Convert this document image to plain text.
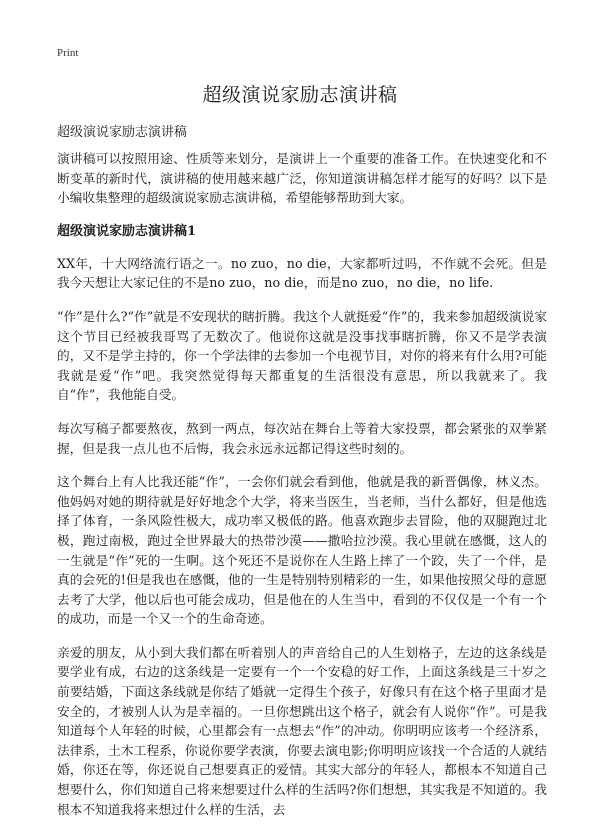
Print
超级演说家励志演讲稿

超级演说家励志演讲稿

演讲稿可以按照用途、性质等来划分，是演讲上一个重要的准备工作。在快速变化和不断变革的新时代，演讲稿的使用越来越广泛，你知道演讲稿怎样才能写的好吗？以下是小编收集整理的超级演说家励志演讲稿，希望能够帮助到大家。

超级演说家励志演讲稿1

XX年，十大网络流行语之一。no zuo，no die，大家都听过吗，不作就不会死。但是我今天想让大家记住的不是no zuo，no die，而是no zuo，no die，no life.

“作”是什么?“作”就是不安现状的瞎折腾。我这个人就挺爱“作”的，我来参加超级演说家这个节目已经被我哥骂了无数次了。他说你这就是没事找事瞎折腾，你又不是学表演的，又不是学主持的，你一个学法律的去参加一个电视节目，对你的将来有什么用?可能我就是爱“作”吧。我突然觉得每天都重复的生活很没有意思，所以我就来了。我自“作”，我他能自受。

每次写稿子都要熬夜，熬到一两点，每次站在舞台上等着大家投票，都会紧张的双拳紧握，但是我一点儿也不后悔，我会永远永远都记得这些时刻的。

这个舞台上有人比我还能“作”，一会你们就会看到他，他就是我的新晋偶像，林义杰。他妈妈对她的期待就是好好地念个大学，将来当医生，当老师，当什么都好，但是他选择了体育，一条风险性极大，成功率又极低的路。他喜欢跑步去冒险，他的双腿跑过北极，跑过南极，跑过全世界最大的热带沙漠——撒哈拉沙漠。我心里就在感慨，这人的一生就是“作”死的一生啊。这个死还不是说你在人生路上摔了一个跤，失了一个伴，是真的会死的!但是我也在感慨，他的一生是特别特别精彩的一生，如果他按照父母的意愿去考了大学，他以后也可能会成功，但是他在的人生当中，看到的不仅仅是一个有一个的成功，而是一个又一个的生命奇迹。

亲爱的朋友，从小到大我们都在听着别人的声音给自己的人生划格子，左边的这条线是要学业有成，右边的这条线是一定要有一个一个安稳的好工作，上面这条线是三十岁之前要结婚，下面这条线就是你结了婚就一定得生个孩子，好像只有在这个格子里面才是安全的，才被别人认为是幸福的。一旦你想跳出这个格子，就会有人说你“作”。可是我知道每个人年轻的时候，心里都会有一点想去“作”的冲动。你明明应该考一个经济系，法律系，土木工程系，你说你要学表演，你要去演电影;你明明应该找一个合适的人就结婚，你还在等，你还说自己想要真正的爱情。其实大部分的年轻人，都根本不知道自己想要什么，你们知道自己将来想要过什么样的生活吗?你们想想，其实我是不知道的。我根本不知道我将来想过什么样的生活，去
